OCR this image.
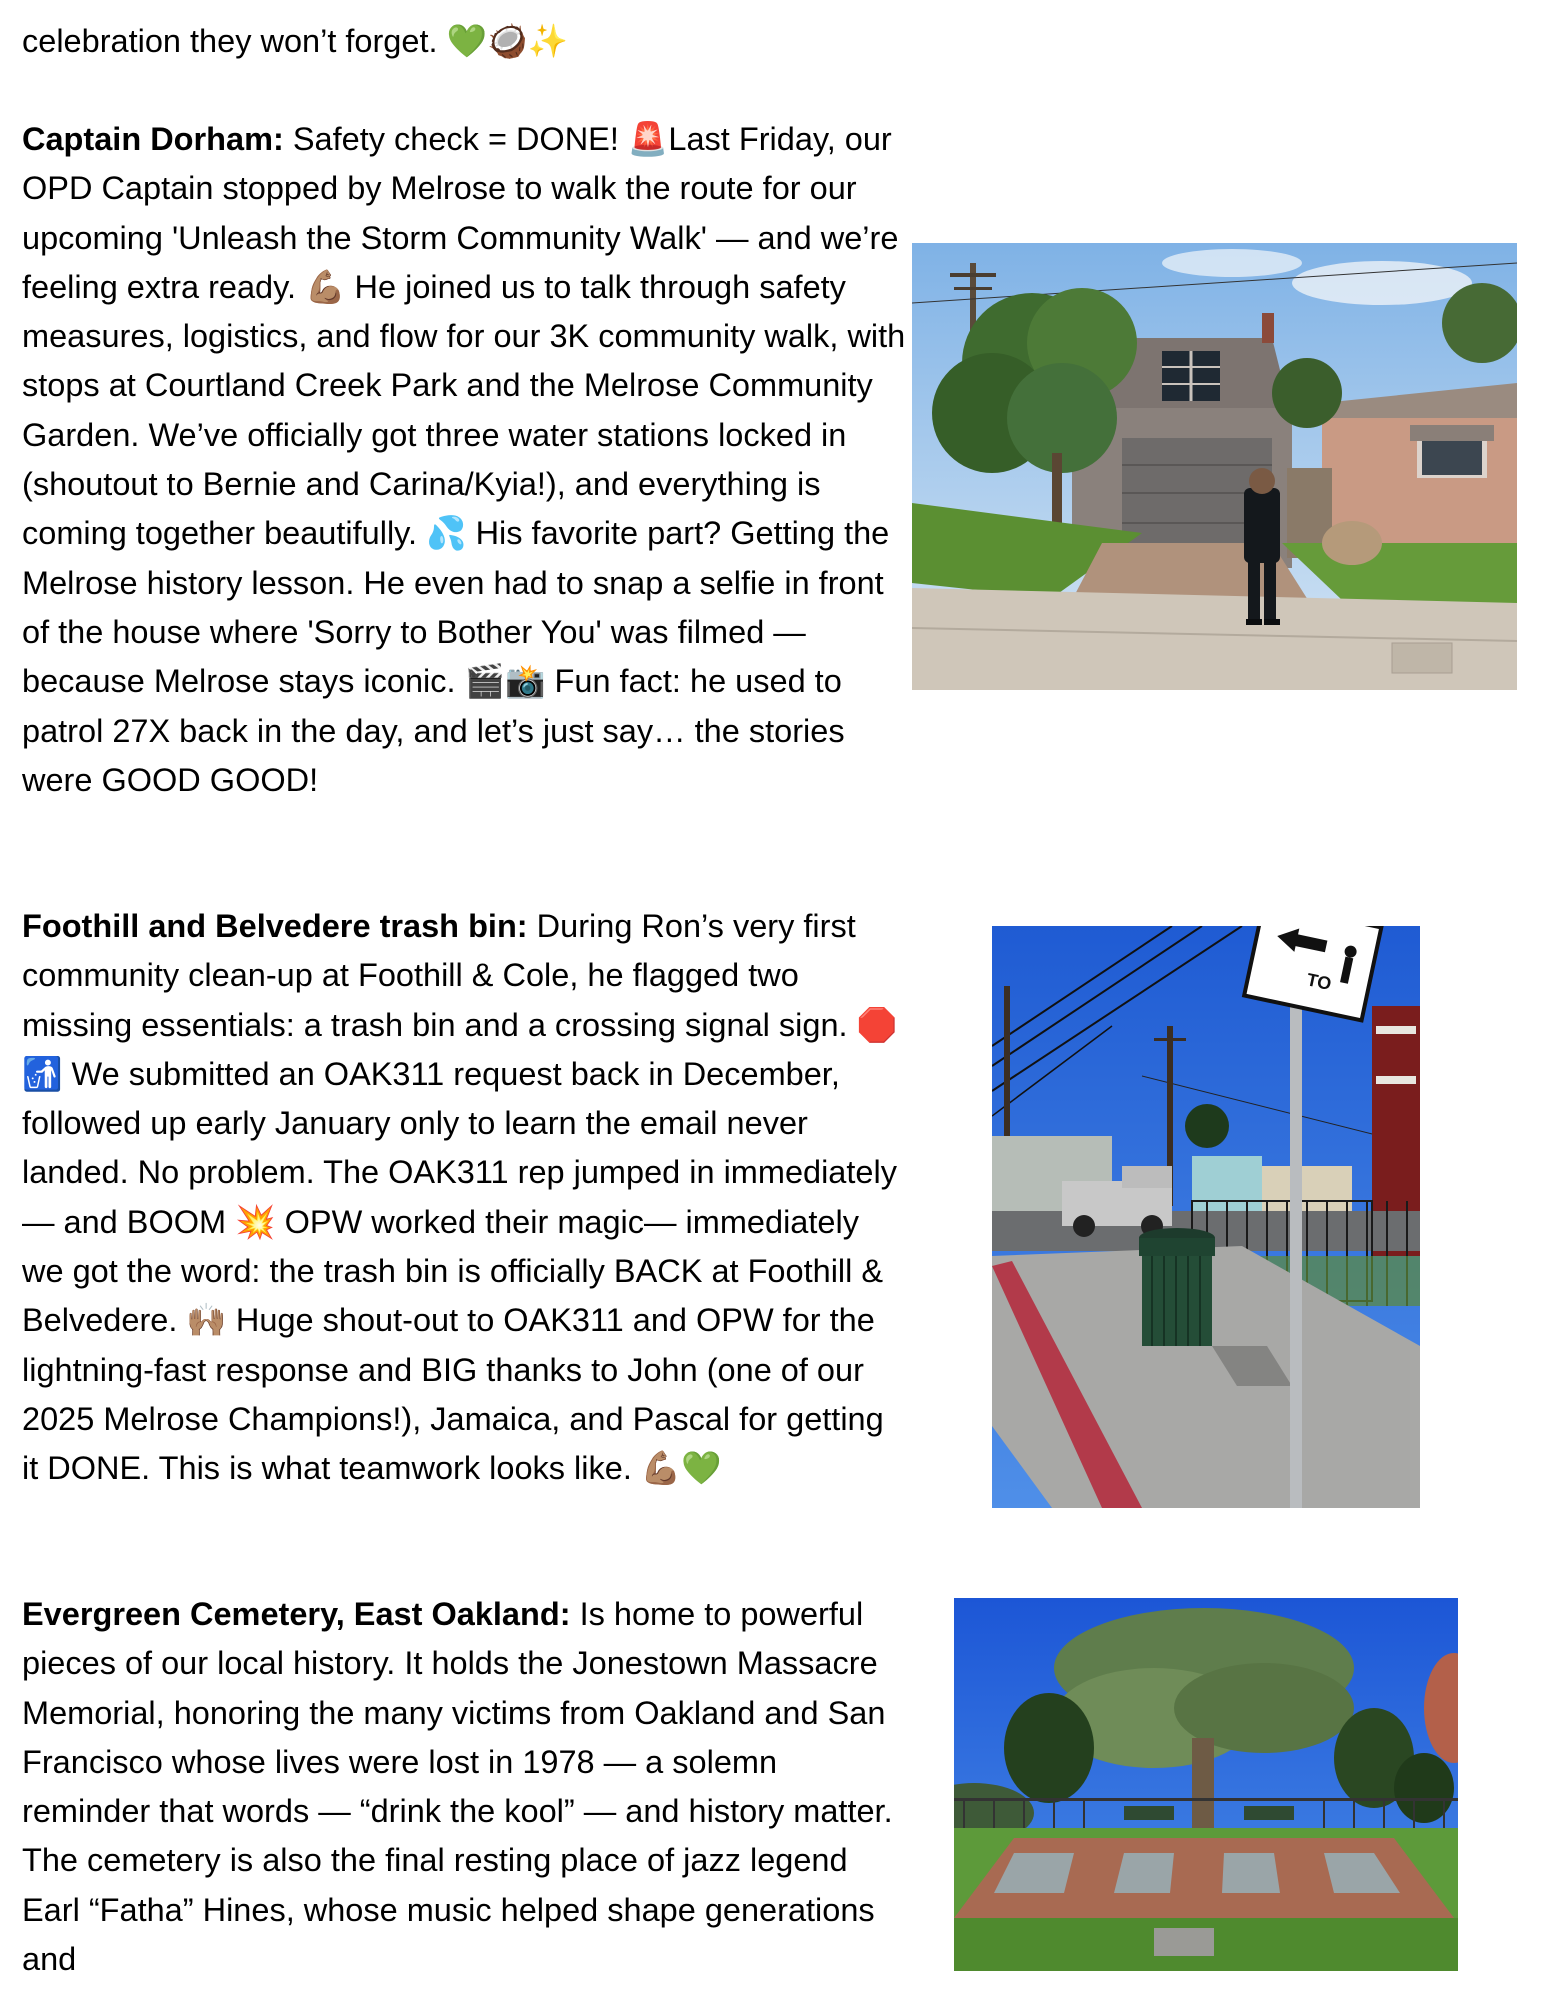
celebration they won’t forget. 💚🥥✨

Captain Dorham: Safety check = DONE! 🚨Last Friday, our OPD Captain stopped by Melrose to walk the route for our upcoming 'Unleash the Storm Community Walk' — and we’re feeling extra ready. 💪🏽 He joined us to talk through safety measures, logistics, and flow for our 3K community walk, with stops at Courtland Creek Park and the Melrose Community Garden. We’ve officially got three water stations locked in (shoutout to Bernie and Carina/Kyia!), and everything is coming together beautifully. 💦 His favorite part? Getting the Melrose history lesson. He even had to snap a selfie in front of the house where 'Sorry to Bother You' was filmed — because Melrose stays iconic. 🎬📸 Fun fact: he used to patrol 27X back in the day, and let’s just say… the stories were GOOD GOOD!

Foothill and Belvedere trash bin: During Ron’s very first community clean-up at Foothill & Cole, he flagged two missing essentials: a trash bin and a crossing signal sign. 🛑🚮 We submitted an OAK311 request back in December, followed up early January only to learn the email never landed. No problem. The OAK311 rep jumped in immediately — and BOOM 💥 OPW worked their magic— immediately we got the word: the trash bin is officially BACK at Foothill & Belvedere. 🙌🏽 Huge shout-out to OAK311 and OPW for the lightning-fast response and BIG thanks to John (one of our 2025 Melrose Champions!), Jamaica, and Pascal for getting it DONE. This is what teamwork looks like. 💪🏽💚

Evergreen Cemetery, East Oakland: Is home to powerful pieces of our local history. It holds the Jonestown Massacre Memorial, honoring the many victims from Oakland and San Francisco whose lives were lost in 1978 — a solemn reminder that words — “drink the kool” — and history matter. The cemetery is also the final resting place of jazz legend Earl “Fatha” Hines, whose music helped shape generations and

TO
